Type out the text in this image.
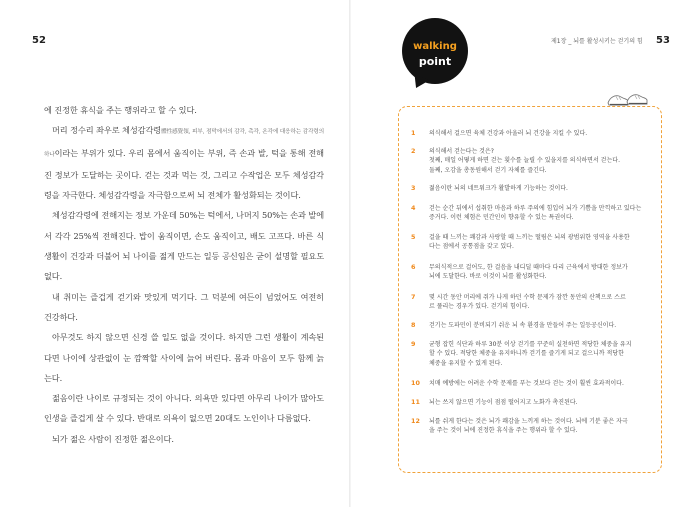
52

에 진정한 휴식을 주는 행위라고 할 수 있다.

머리 정수리 좌우로 체성감각령體性感覺領, 피부, 점막에서의 감각, 촉각, 온각에 대응하는 감각령의 하나이라는 부위가 있다. 우리 몸에서 움직이는 부위, 즉 손과 발, 턱을 통해 전해진 정보가 도달하는 곳이다. 걷는 것과 먹는 것, 그리고 수작업은 모두 체성감각령을 자극한다. 체성감각령을 자극함으로써 뇌 전체가 활성화되는 것이다.

체성감각령에 전해지는 정보 가운데 50%는 턱에서, 나머지 50%는 손과 발에서 각각 25%씩 전해진다. 밥이 움직이면, 손도 움직이고, 배도 고프다. 바른 식생활이 건강과 더불어 뇌 나이를 젊게 만드는 일등 공신임은 굳이 설명할 필요도 없다.

내 취미는 즐겁게 걷기와 맛있게 먹기다. 그 덕분에 여든이 넘었어도 여전히 건강하다.

아무것도 하지 않으면 신경 쓸 일도 없을 것이다. 하지만 그런 생활이 계속된다면 나이에 상관없이 눈 깜짝할 사이에 늙어 버린다. 몸과 마음이 모두 함께 늙는다.

젊음이란 나이로 규정되는 것이 아니다. 의욕만 있다면 아무리 나이가 많아도 인생을 즐겁게 살 수 있다. 반대로 의욕이 없으면 20대도 노인이나 다름없다.

뇌가 젊은 사람이 진정한 젊은이다.

제1장 _ 뇌를 활성시키는 걷기의 힘 53
walking
point
1	의식해서 걸으면 육체 건강과 아울러 뇌 건강을 지킬 수 있다.
2	의식해서 걷는다는 것은?
첫째, 매일 어떻게 하면 걷는 횟수를 늘릴 수 있을지를 의식하면서 걷는다.
둘째, 오감을 총동원해서 걷기 자체를 즐긴다.
3	젊음이란 뇌의 네트워크가 활발하게 기능하는 것이다.
4	걷는 순간 뒤에서 섭취한 마음과 하루 주의에 힘입어 뇌가 기쁨을 만끽하고 있다는
증거다. 이런 체험은 민간인이 향유할 수 있는 특권이다.
5	걸을 때 느끼는 쾌감과 사랑할 때 느끼는 떨림은 뇌의 광범위한 영역을 사용한
다는 점에서 공통점을 갖고 있다.
6	무의식적으로 걸어도, 한 걸음을 내디딜 때마다 다리 근육에서 방대한 정보가
뇌에 도달한다. 바로 이것이 뇌를 활성화한다.
7	몇 시간 동안 머리에 쥐가 나게 하던 수학 문제가 잠깐 동안의 산책으로 스르
르 풀리는 경우가 있다. 걷기의 힘이다.
8	걷기는 도파민이 분비되기 쉬운 뇌 속 환경을 만들어 주는 일등공신이다.
9	균형 잡힌 식단과 하루 30분 이상 걷기를 꾸준히 실천하면 적당한 체중을 유지
할 수 있다. 적당한 체중을 유지하니까 걷기를 즐기게 되고 걸으니까 적당한
체중을 유지할 수 있게 된다.
10	치매 예방에는 어려운 수학 문제를 푸는 것보다 걷는 것이 훨씬 효과적이다.
11	뇌는 쓰지 않으면 기능이 점점 떨어지고 노화가 촉진된다.
12	뇌를 쉬게 한다는 것은 뇌가 쾌감을 느끼게 하는 것이다. 뇌에 기분 좋은 자극
을 주는 것이 뇌에 진정한 휴식을 주는 행위라 할 수 있다.
